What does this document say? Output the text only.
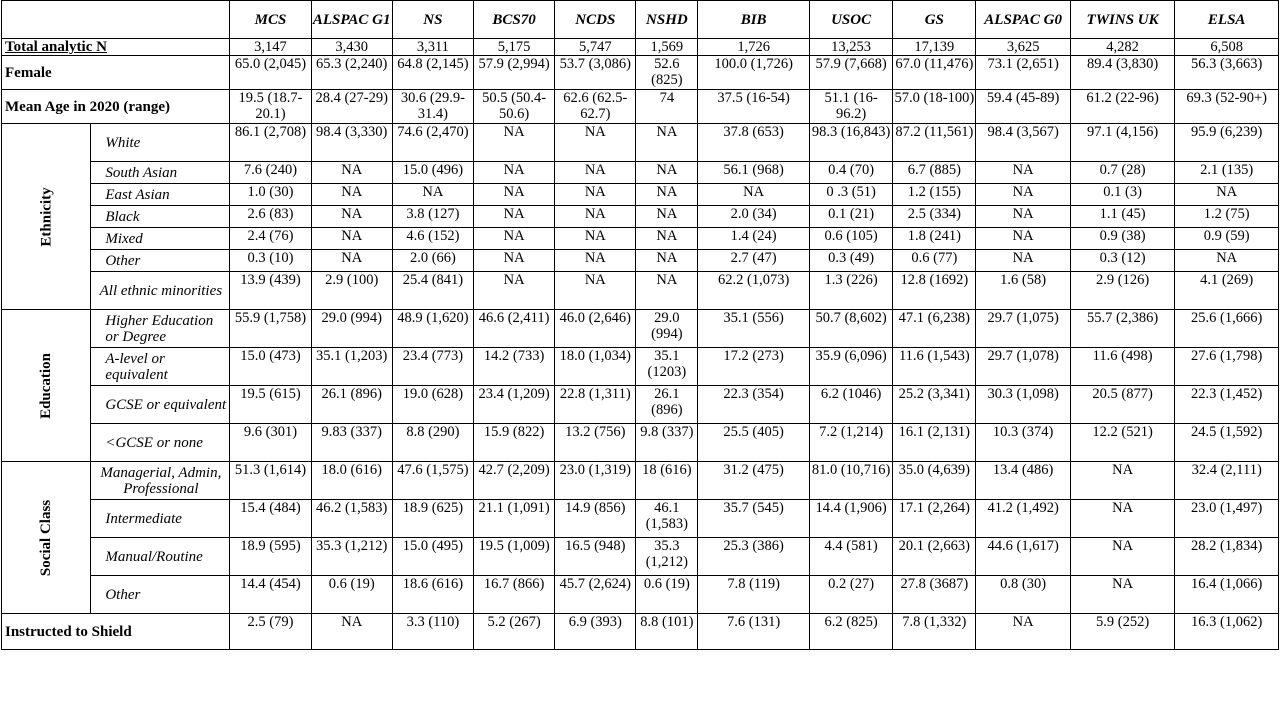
		MCS	ALSPAC G1	NS	BCS70	NCDS	NSHD	BIB	USOC	GS	ALSPAC G0	TWINS UK	ELSA
Total analytic N		3,147	3,430	3,311	5,175	5,747	1,569	1,726	13,253	17,139	3,625	4,282	6,508
Female		65.0 (2,045)	65.3 (2,240)	64.8 (2,145)	57.9 (2,994)	53.7 (3,086)	52.6 (825)	100.0 (1,726)	57.9 (7,668)	67.0 (11,476)	73.1 (2,651)	89.4 (3,830)	56.3 (3,663)
Mean Age in 2020 (range)		19.5 (18.7-20.1)	28.4 (27-29)	30.6 (29.9-31.4)	50.5 (50.4-50.6)	62.6 (62.5-62.7)	74	37.5 (16-54)	51.1 (16-96.2)	57.0 (18-100)	59.4 (45-89)	61.2 (22-96)	69.3 (52-90+)
Ethnicity	White	86.1 (2,708)	98.4 (3,330)	74.6 (2,470)	NA	NA	NA	37.8 (653)	98.3 (16,843)	87.2 (11,561)	98.4 (3,567)	97.1 (4,156)	95.9 (6,239)
	South Asian	7.6 (240)	NA	15.0 (496)	NA	NA	NA	56.1 (968)	0.4 (70)	6.7 (885)	NA	0.7 (28)	2.1 (135)
	East Asian	1.0 (30)	NA	NA	NA	NA	NA	NA	0 .3 (51)	1.2 (155)	NA	0.1 (3)	NA
	Black	2.6 (83)	NA	3.8 (127)	NA	NA	NA	2.0 (34)	0.1 (21)	2.5 (334)	NA	1.1 (45)	1.2 (75)
	Mixed	2.4 (76)	NA	4.6 (152)	NA	NA	NA	1.4 (24)	0.6 (105)	1.8 (241)	NA	0.9 (38)	0.9 (59)
	Other	0.3 (10)	NA	2.0 (66)	NA	NA	NA	2.7 (47)	0.3 (49)	0.6 (77)	NA	0.3 (12)	NA
	All ethnic minorities	13.9 (439)	2.9 (100)	25.4 (841)	NA	NA	NA	62.2 (1,073)	1.3 (226)	12.8 (1692)	1.6 (58)	2.9 (126)	4.1 (269)
Education	Higher Education or Degree	55.9 (1,758)	29.0 (994)	48.9 (1,620)	46.6 (2,411)	46.0 (2,646)	29.0 (994)	35.1 (556)	50.7 (8,602)	47.1 (6,238)	29.7 (1,075)	55.7 (2,386)	25.6 (1,666)
	A-level or equivalent	15.0 (473)	35.1 (1,203)	23.4 (773)	14.2 (733)	18.0 (1,034)	35.1 (1203)	17.2 (273)	35.9 (6,096)	11.6 (1,543)	29.7 (1,078)	11.6 (498)	27.6 (1,798)
	GCSE or equivalent	19.5 (615)	26.1 (896)	19.0 (628)	23.4 (1,209)	22.8 (1,311)	26.1 (896)	22.3 (354)	6.2 (1046)	25.2 (3,341)	30.3 (1,098)	20.5 (877)	22.3 (1,452)
	<GCSE or none	9.6 (301)	9.83 (337)	8.8 (290)	15.9 (822)	13.2 (756)	9.8 (337)	25.5 (405)	7.2 (1,214)	16.1 (2,131)	10.3 (374)	12.2 (521)	24.5 (1,592)
Social Class	Managerial, Admin, Professional	51.3 (1,614)	18.0 (616)	47.6 (1,575)	42.7 (2,209)	23.0 (1,319)	18 (616)	31.2 (475)	81.0 (10,716)	35.0 (4,639)	13.4 (486)	NA	32.4 (2,111)
	Intermediate	15.4 (484)	46.2 (1,583)	18.9 (625)	21.1 (1,091)	14.9 (856)	46.1 (1,583)	35.7 (545)	14.4 (1,906)	17.1 (2,264)	41.2 (1,492)	NA	23.0 (1,497)
	Manual/Routine	18.9 (595)	35.3 (1,212)	15.0 (495)	19.5 (1,009)	16.5 (948)	35.3 (1,212)	25.3 (386)	4.4 (581)	20.1 (2,663)	44.6 (1,617)	NA	28.2 (1,834)
	Other	14.4 (454)	0.6 (19)	18.6 (616)	16.7 (866)	45.7 (2,624)	0.6 (19)	7.8 (119)	0.2 (27)	27.8 (3687)	0.8 (30)	NA	16.4 (1,066)
Instructed to Shield		2.5 (79)	NA	3.3 (110)	5.2 (267)	6.9 (393)	8.8 (101)	7.6 (131)	6.2 (825)	7.8 (1,332)	NA	5.9 (252)	16.3 (1,062)
